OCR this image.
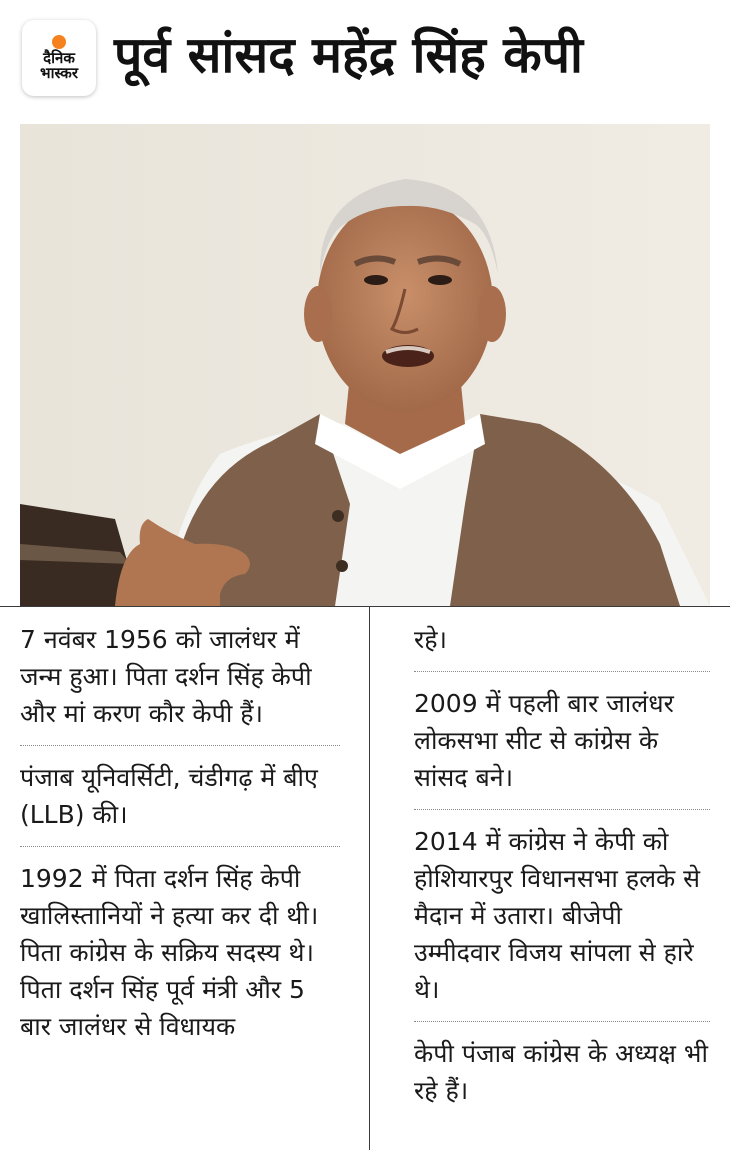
दैनिक
भास्कर पूर्व सांसद महेंद्र सिंह केपी
7 नवंबर 1956 को जालंधर में जन्म हुआ। पिता दर्शन सिंह केपी और मां करण कौर केपी हैं।
पंजाब यूनिवर्सिटी, चंडीगढ़ में बीए (LLB) की।
1992 में पिता दर्शन सिंह केपी खालिस्तानियों ने हत्या कर दी थी। पिता कांग्रेस के सक्रिय सदस्य थे। पिता दर्शन सिंह पूर्व मंत्री और 5 बार जालंधर से विधायक
रहे।
2009 में पहली बार जालंधर लोकसभा सीट से कांग्रेस के सांसद बने।
2014 में कांग्रेस ने केपी को होशियारपुर विधानसभा हलके से मैदान में उतारा। बीजेपी उम्मीदवार विजय सांपला से हारे थे।
केपी पंजाब कांग्रेस के अध्यक्ष भी रहे हैं।
